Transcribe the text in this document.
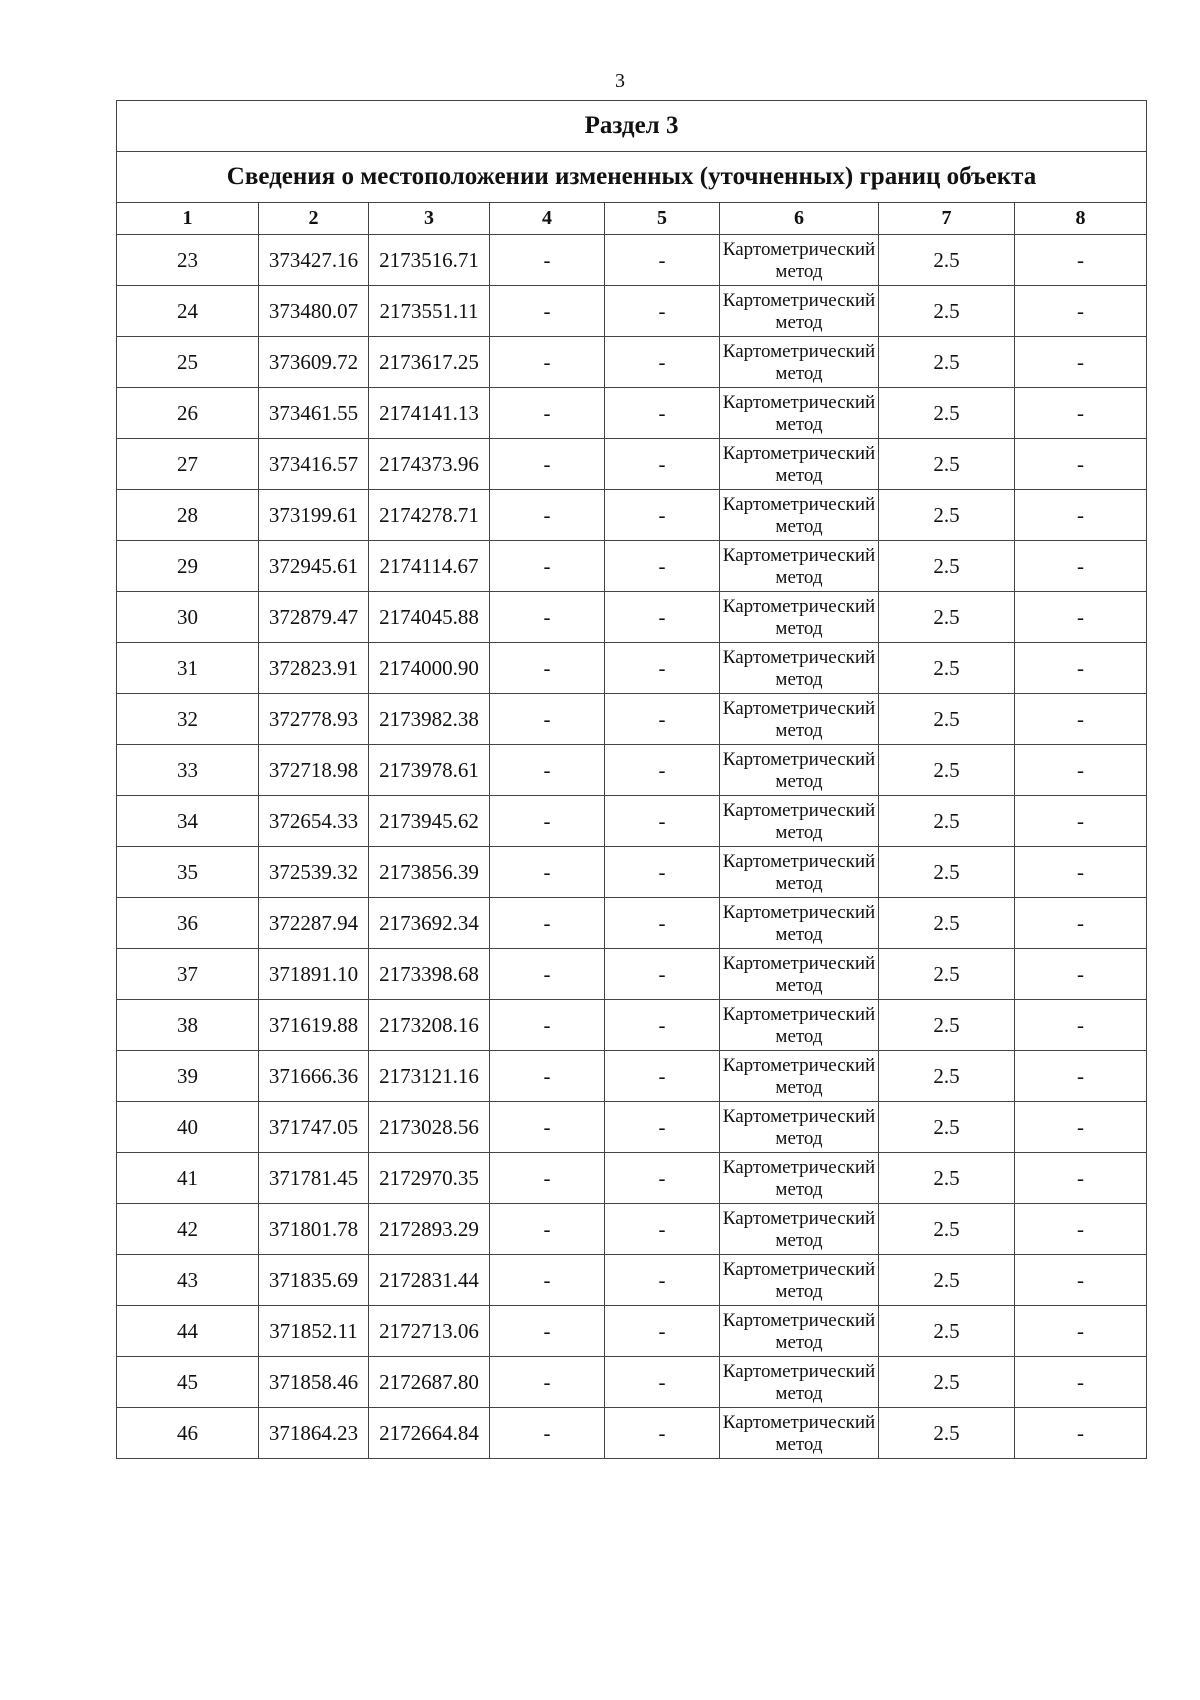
3
Раздел 3							
Сведения о местоположении измененных (уточненных) границ объекта							
1	2	3	4	5	6	7	8
23	373427.16	2173516.71	-	-	Картометрический метод	2.5	-
24	373480.07	2173551.11	-	-	Картометрический метод	2.5	-
25	373609.72	2173617.25	-	-	Картометрический метод	2.5	-
26	373461.55	2174141.13	-	-	Картометрический метод	2.5	-
27	373416.57	2174373.96	-	-	Картометрический метод	2.5	-
28	373199.61	2174278.71	-	-	Картометрический метод	2.5	-
29	372945.61	2174114.67	-	-	Картометрический метод	2.5	-
30	372879.47	2174045.88	-	-	Картометрический метод	2.5	-
31	372823.91	2174000.90	-	-	Картометрический метод	2.5	-
32	372778.93	2173982.38	-	-	Картометрический метод	2.5	-
33	372718.98	2173978.61	-	-	Картометрический метод	2.5	-
34	372654.33	2173945.62	-	-	Картометрический метод	2.5	-
35	372539.32	2173856.39	-	-	Картометрический метод	2.5	-
36	372287.94	2173692.34	-	-	Картометрический метод	2.5	-
37	371891.10	2173398.68	-	-	Картометрический метод	2.5	-
38	371619.88	2173208.16	-	-	Картометрический метод	2.5	-
39	371666.36	2173121.16	-	-	Картометрический метод	2.5	-
40	371747.05	2173028.56	-	-	Картометрический метод	2.5	-
41	371781.45	2172970.35	-	-	Картометрический метод	2.5	-
42	371801.78	2172893.29	-	-	Картометрический метод	2.5	-
43	371835.69	2172831.44	-	-	Картометрический метод	2.5	-
44	371852.11	2172713.06	-	-	Картометрический метод	2.5	-
45	371858.46	2172687.80	-	-	Картометрический метод	2.5	-
46	371864.23	2172664.84	-	-	Картометрический метод	2.5	-
